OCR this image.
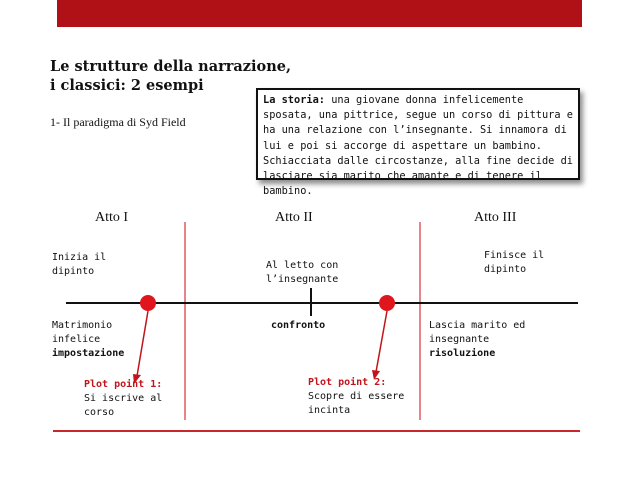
Le strutture della narrazione,
i classici: 2 esempi
1- Il paradigma di Syd Field
La storia: una giovane donna infelicemente sposata, una pittrice, segue un corso di pittura e ha una relazione con l’insegnante. Si innamora di lui e poi si accorge di aspettare un bambino. Schiacciata dalle circostanze, alla fine decide di lasciare sia marito che amante e di tenere il bambino.
Atto I	Atto II	Atto III
Inizia il
dipinto
Al letto con
l’insegnante
Finisce il
dipinto
Matrimonio
infelice
impostazione
confronto	Lascia marito ed
insegnante
risoluzione
Plot point 1:
Si iscrive al
corso
Plot point 2:
Scopre di essere
incinta
